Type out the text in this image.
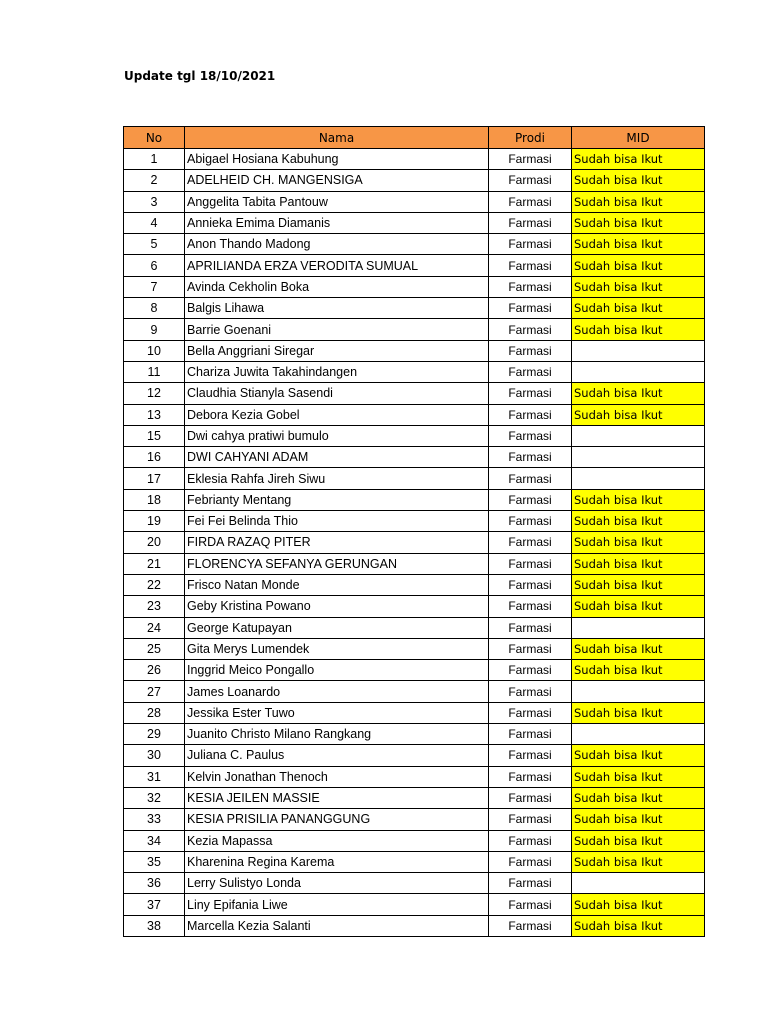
Update tgl 18/10/2021
No	Nama	Prodi	MID
1	Abigael Hosiana Kabuhung	Farmasi	Sudah bisa Ikut
2	ADELHEID CH. MANGENSIGA	Farmasi	Sudah bisa Ikut
3	Anggelita Tabita Pantouw	Farmasi	Sudah bisa Ikut
4	Annieka Emima Diamanis	Farmasi	Sudah bisa Ikut
5	Anon Thando Madong	Farmasi	Sudah bisa Ikut
6	APRILIANDA ERZA VERODITA SUMUAL	Farmasi	Sudah bisa Ikut
7	Avinda Cekholin Boka	Farmasi	Sudah bisa Ikut
8	Balgis Lihawa	Farmasi	Sudah bisa Ikut
9	Barrie Goenani	Farmasi	Sudah bisa Ikut
10	Bella Anggriani Siregar	Farmasi	
11	Chariza Juwita Takahindangen	Farmasi	
12	Claudhia Stianyla Sasendi	Farmasi	Sudah bisa Ikut
13	Debora Kezia Gobel	Farmasi	Sudah bisa Ikut
15	Dwi cahya pratiwi bumulo	Farmasi	
16	DWI CAHYANI ADAM	Farmasi	
17	Eklesia Rahfa Jireh Siwu	Farmasi	
18	Febrianty Mentang	Farmasi	Sudah bisa Ikut
19	Fei Fei Belinda Thio	Farmasi	Sudah bisa Ikut
20	FIRDA RAZAQ PITER	Farmasi	Sudah bisa Ikut
21	FLORENCYA SEFANYA GERUNGAN	Farmasi	Sudah bisa Ikut
22	Frisco Natan Monde	Farmasi	Sudah bisa Ikut
23	Geby Kristina Powano	Farmasi	Sudah bisa Ikut
24	George Katupayan	Farmasi	
25	Gita Merys Lumendek	Farmasi	Sudah bisa Ikut
26	Inggrid Meico Pongallo	Farmasi	Sudah bisa Ikut
27	James Loanardo	Farmasi	
28	Jessika Ester Tuwo	Farmasi	Sudah bisa Ikut
29	Juanito Christo Milano Rangkang	Farmasi	
30	Juliana C. Paulus	Farmasi	Sudah bisa Ikut
31	Kelvin Jonathan Thenoch	Farmasi	Sudah bisa Ikut
32	KESIA JEILEN MASSIE	Farmasi	Sudah bisa Ikut
33	KESIA PRISILIA PANANGGUNG	Farmasi	Sudah bisa Ikut
34	Kezia Mapassa	Farmasi	Sudah bisa Ikut
35	Kharenina Regina Karema	Farmasi	Sudah bisa Ikut
36	Lerry Sulistyo Londa	Farmasi	
37	Liny Epifania Liwe	Farmasi	Sudah bisa Ikut
38	Marcella Kezia Salanti	Farmasi	Sudah bisa Ikut
